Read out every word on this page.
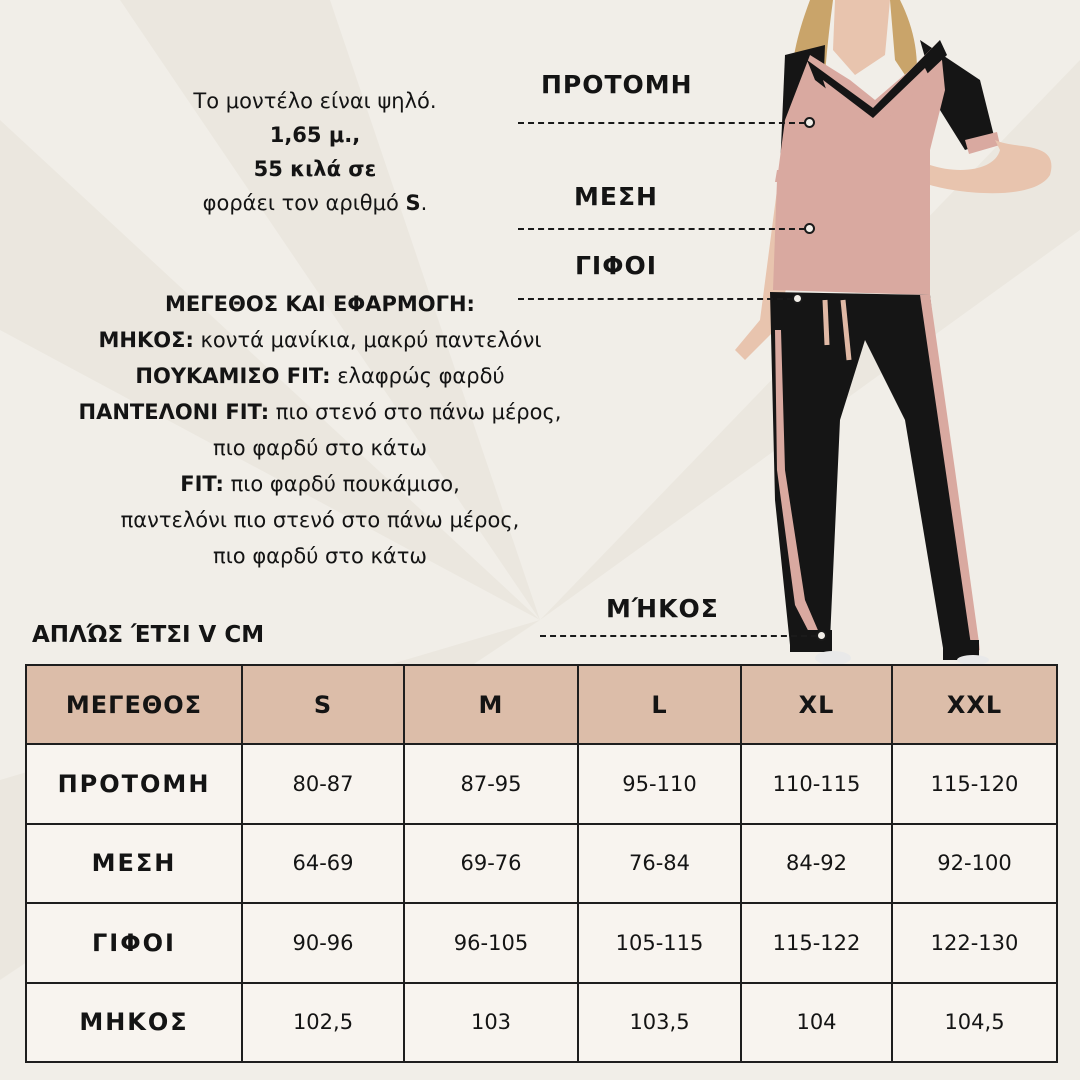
Το μοντέλο είναι ψηλό.
1,65 μ.,
55 κιλά σε
φοράει τον αριθμό S.
ΜΕΓΕΘΟΣ ΚΑΙ ΕΦΑΡΜΟΓΗ:
ΜΗΚΟΣ: κοντά μανίκια, μακρύ παντελόνι
ΠΟΥΚΑΜΙΣΟ FIT: ελαφρώς φαρδύ
ΠΑΝΤΕΛΟΝΙ FIT: πιο στενό στο πάνω μέρος,
πιο φαρδύ στο κάτω
FIT: πιο φαρδύ πουκάμισο,
παντελόνι πιο στενό στο πάνω μέρος,
πιο φαρδύ στο κάτω
ΠΡΟΤΟΜΗ
ΜΕΣΗ
ΓΙΦΟΙ
ΜΉΚΟΣ
ΑΠΛΏΣ ΈΤΣΙ V CM
ΜΕΓΕΘΟΣ	S	M	L	XL	XXL
ΠΡΟΤΟΜΗ	80-87	87-95	95-110	110-115	115-120
ΜΕΣΗ	64-69	69-76	76-84	84-92	92-100
ΓΙΦΟΙ	90-96	96-105	105-115	115-122	122-130
ΜΗΚΟΣ	102,5	103	103,5	104	104,5
